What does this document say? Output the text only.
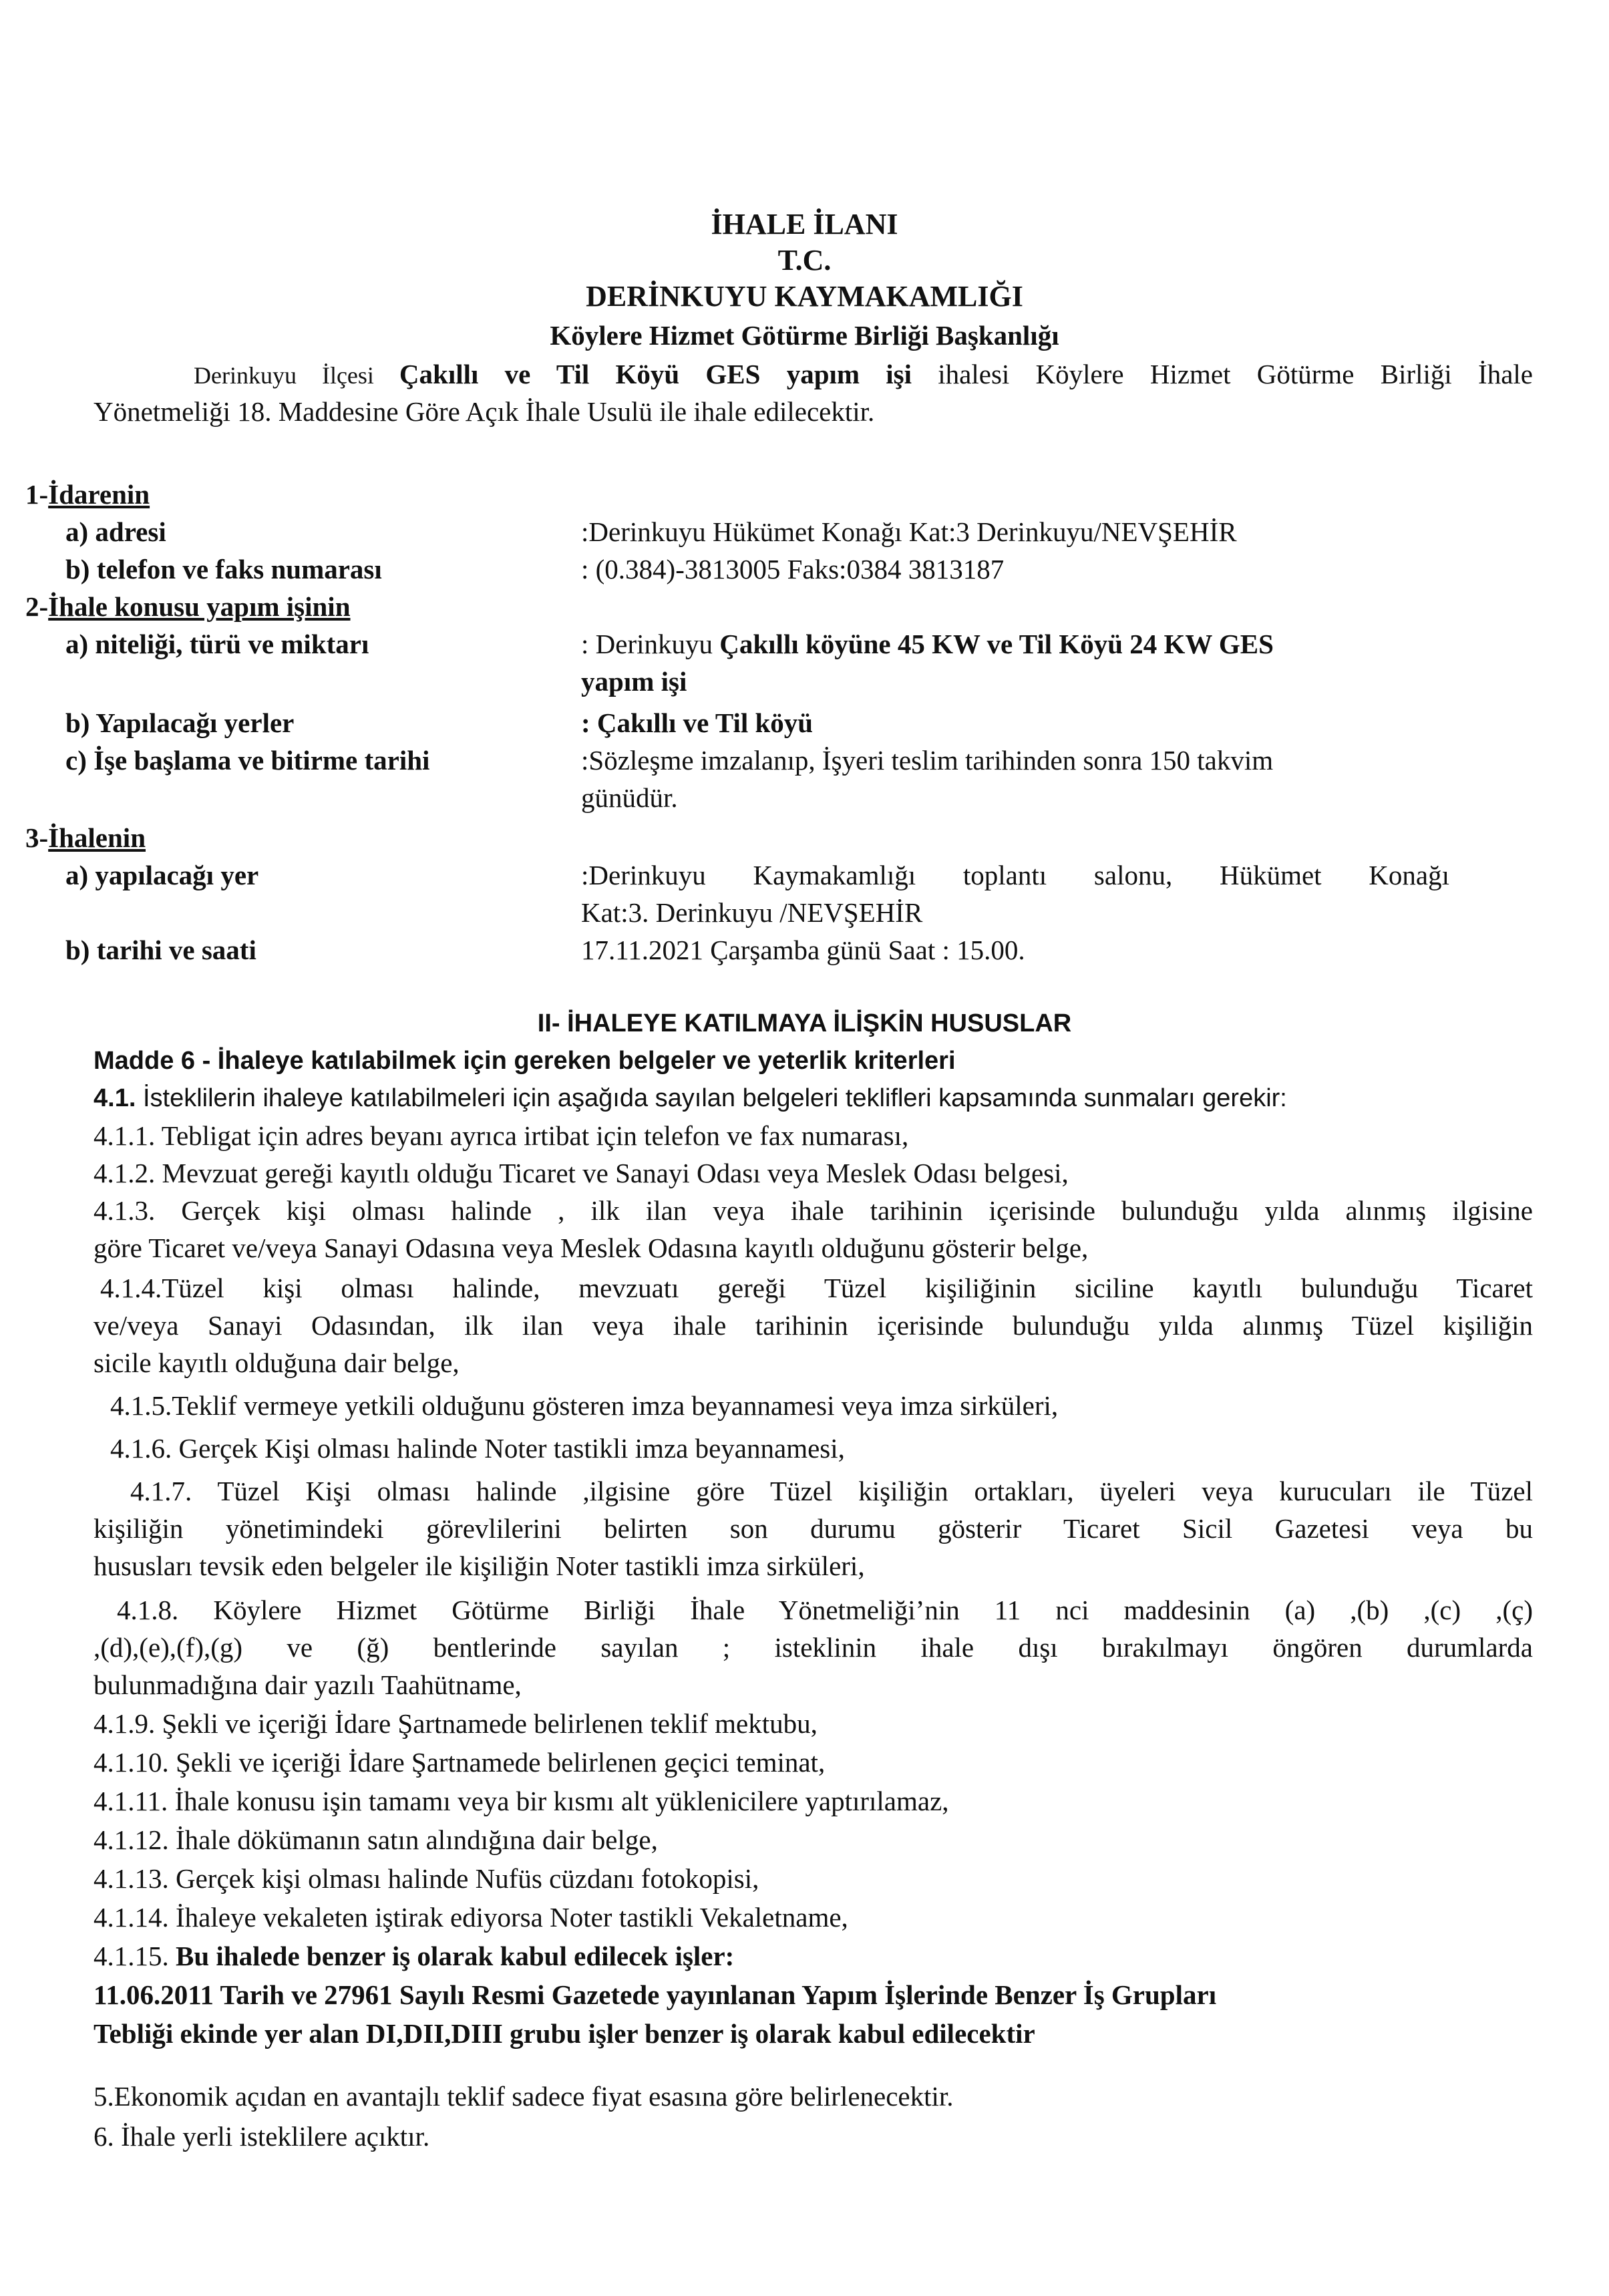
İHALE İLANI
T.C.
DERİNKUYU KAYMAKAMLIĞI
Köylere Hizmet Götürme Birliği Başkanlığı
Derinkuyu İlçesi Çakıllı ve Til Köyü GES yapım işi ihalesi Köylere Hizmet Götürme Birliği İhale
Yönetmeliği 18. Maddesine Göre Açık İhale Usulü ile ihale edilecektir.
1-İdarenin
a) adresi	:Derinkuyu Hükümet Konağı Kat:3 Derinkuyu/NEVŞEHİR
b) telefon ve faks numarası	: (0.384)-3813005 Faks:0384 3813187
2-İhale konusu yapım işinin
a) niteliği, türü ve miktarı	: Derinkuyu Çakıllı köyüne 45 KW ve Til Köyü 24 KW GES
yapım işi
b) Yapılacağı yerler	: Çakıllı ve Til köyü
c) İşe başlama ve bitirme tarihi	:Sözleşme imzalanıp, İşyeri teslim tarihinden sonra 150 takvim
günüdür.
3-İhalenin
a) yapılacağı yer	:Derinkuyu Kaymakamlığı toplantı salonu, Hükümet Konağı
Kat:3. Derinkuyu /NEVŞEHİR
b) tarihi ve saati	17.11.2021 Çarşamba günü Saat : 15.00.
II- İHALEYE KATILMAYA İLİŞKİN HUSUSLAR
Madde 6 - İhaleye katılabilmek için gereken belgeler ve yeterlik kriterleri
4.1. İsteklilerin ihaleye katılabilmeleri için aşağıda sayılan belgeleri teklifleri kapsamında sunmaları gerekir:
4.1.1. Tebligat için adres beyanı ayrıca irtibat için telefon ve fax numarası,
4.1.2. Mevzuat gereği kayıtlı olduğu Ticaret ve Sanayi Odası veya Meslek Odası belgesi,
4.1.3. Gerçek kişi olması halinde , ilk ilan veya ihale tarihinin içerisinde bulunduğu yılda alınmış ilgisine
göre Ticaret ve/veya Sanayi Odasına veya Meslek Odasına kayıtlı olduğunu gösterir belge,
4.1.4.Tüzel kişi olması halinde, mevzuatı gereği Tüzel kişiliğinin siciline kayıtlı bulunduğu Ticaret
ve/veya Sanayi Odasından, ilk ilan veya ihale tarihinin içerisinde bulunduğu yılda alınmış Tüzel kişiliğin
sicile kayıtlı olduğuna dair belge,
4.1.5.Teklif vermeye yetkili olduğunu gösteren imza beyannamesi veya imza sirküleri,
4.1.6. Gerçek Kişi olması halinde Noter tastikli imza beyannamesi,
4.1.7. Tüzel Kişi olması halinde ,ilgisine göre Tüzel kişiliğin ortakları, üyeleri veya kurucuları ile Tüzel
kişiliğin yönetimindeki görevlilerini belirten son durumu gösterir Ticaret Sicil Gazetesi veya bu
hususları tevsik eden belgeler ile kişiliğin Noter tastikli imza sirküleri,
4.1.8. Köylere Hizmet Götürme Birliği İhale Yönetmeliği’nin 11 nci maddesinin (a) ,(b) ,(c) ,(ç)
,(d),(e),(f),(g) ve (ğ) bentlerinde sayılan ; isteklinin ihale dışı bırakılmayı öngören durumlarda
bulunmadığına dair yazılı Taahütname,
4.1.9. Şekli ve içeriği İdare Şartnamede belirlenen teklif mektubu,
4.1.10. Şekli ve içeriği İdare Şartnamede belirlenen geçici teminat,
4.1.11. İhale konusu işin tamamı veya bir kısmı alt yüklenicilere yaptırılamaz,
4.1.12. İhale dökümanın satın alındığına dair belge,
4.1.13. Gerçek kişi olması halinde Nufüs cüzdanı fotokopisi,
4.1.14. İhaleye vekaleten iştirak ediyorsa Noter tastikli Vekaletname,
4.1.15. Bu ihalede benzer iş olarak kabul edilecek işler:
11.06.2011 Tarih ve 27961 Sayılı Resmi Gazetede yayınlanan Yapım İşlerinde Benzer İş Grupları
Tebliği ekinde yer alan DI,DII,DIII grubu işler benzer iş olarak kabul edilecektir
5.Ekonomik açıdan en avantajlı teklif sadece fiyat esasına göre belirlenecektir.
6. İhale yerli isteklilere açıktır.
